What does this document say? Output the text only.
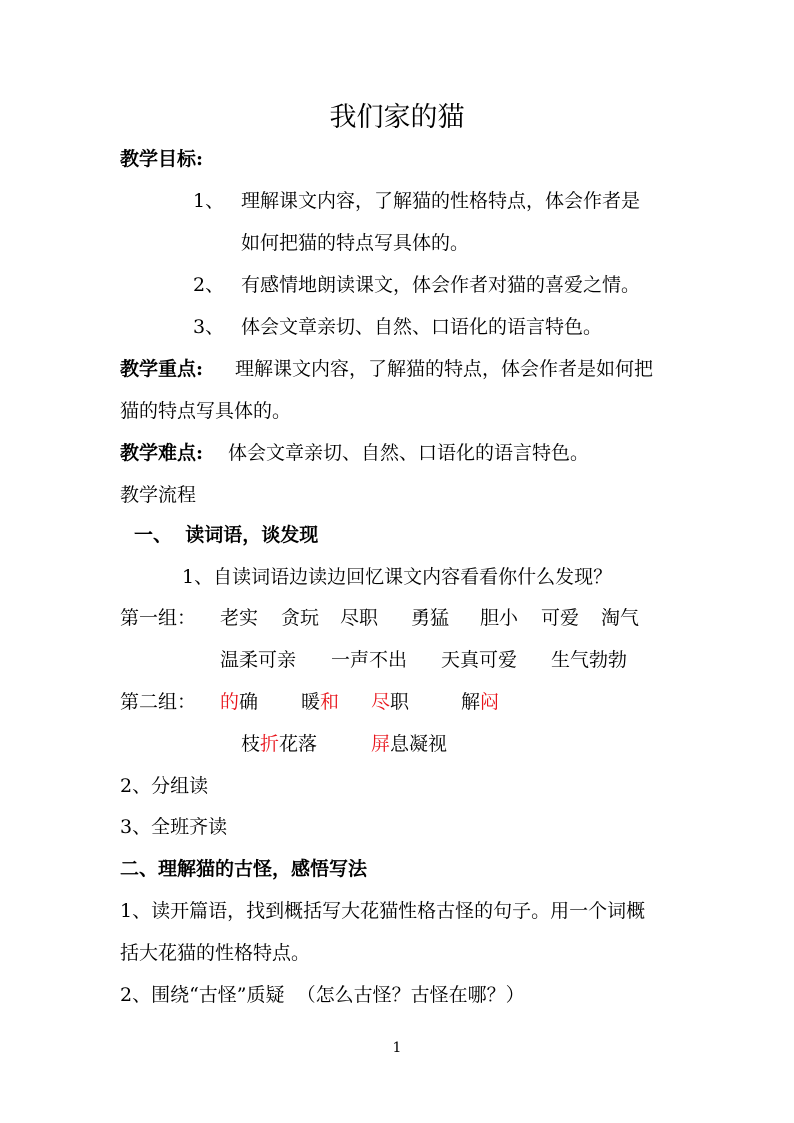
我们家的猫
教学目标:
1、 理解课文内容，了解猫的性格特点，体会作者是
如何把猫的特点写具体的。
2、 有感情地朗读课文，体会作者对猫的喜爱之情。
3、 体会文章亲切、自然、口语化的语言特色。
教学重点: 理解课文内容，了解猫的特点，体会作者是如何把
猫的特点写具体的。
教学难点: 体会文章亲切、自然、口语化的语言特色。
教学流程
一、  读词语，谈发现
1、自读词语边读边回忆课文内容看看你什么发现？
第一组： 老实 贪玩 尽职 勇猛 胆小 可爱 淘气
温柔可亲 一声不出 天真可爱 生气勃勃
第二组： 的确 暖和 尽职	解闷
枝折花落	屏息凝视
2、分组读
3、全班齐读
二、理解猫的古怪，感悟写法
1、读开篇语，找到概括写大花猫性格古怪的句子。用一个词概
括大花猫的性格特点。
2、围绕“古怪”质疑  （怎么古怪？古怪在哪？）
1
